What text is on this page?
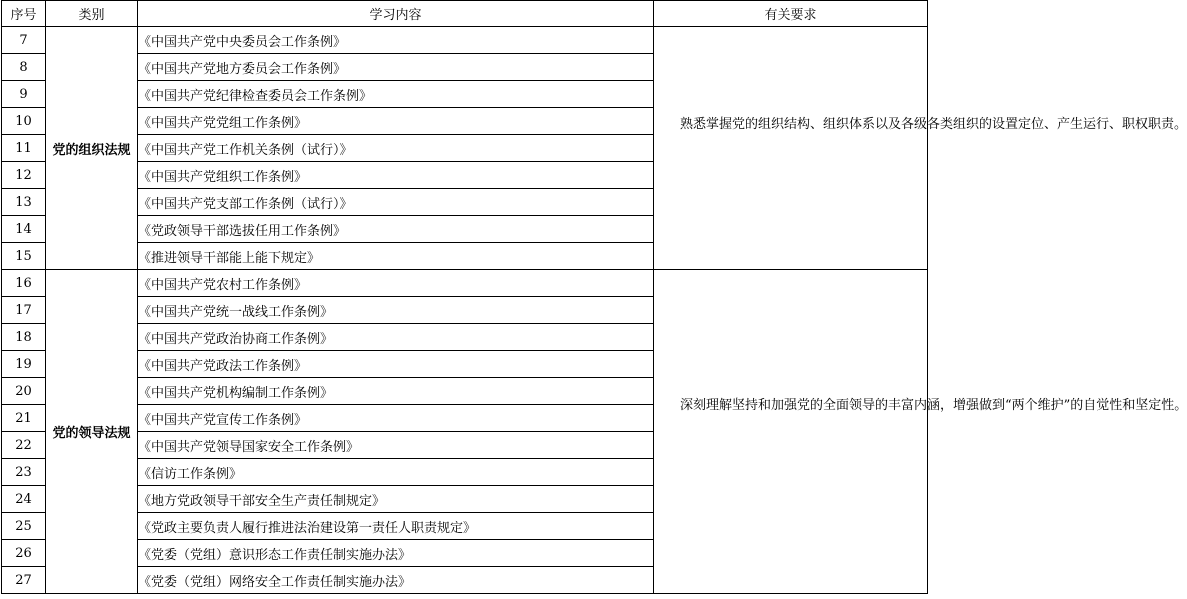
序号	类别	学习内容	有关要求
7	党的组织法规	《中国共产党中央委员会工作条例》	熟悉掌握党的组织结构、组织体系以及各级各类组织的设置定位、产生运行、职权职责。

8		《中国共产党地方委员会工作条例》	
9		《中国共产党纪律检查委员会工作条例》	
10		《中国共产党党组工作条例》	
11		《中国共产党工作机关条例（试行）》	
12		《中国共产党组织工作条例》	
13		《中国共产党支部工作条例（试行）》	
14		《党政领导干部选拔任用工作条例》	
15		《推进领导干部能上能下规定》	
16	党的领导法规	《中国共产党农村工作条例》	深刻理解坚持和加强党的全面领导的丰富内涵，增强做到“两个维护”的自觉性和坚定性。

17		《中国共产党统一战线工作条例》	
18		《中国共产党政治协商工作条例》	
19		《中国共产党政法工作条例》	
20		《中国共产党机构编制工作条例》	
21		《中国共产党宣传工作条例》	
22		《中国共产党领导国家安全工作条例》	
23		《信访工作条例》	
24		《地方党政领导干部安全生产责任制规定》	
25		《党政主要负责人履行推进法治建设第一责任人职责规定》	
26		《党委（党组）意识形态工作责任制实施办法》	
27		《党委（党组）网络安全工作责任制实施办法》	
